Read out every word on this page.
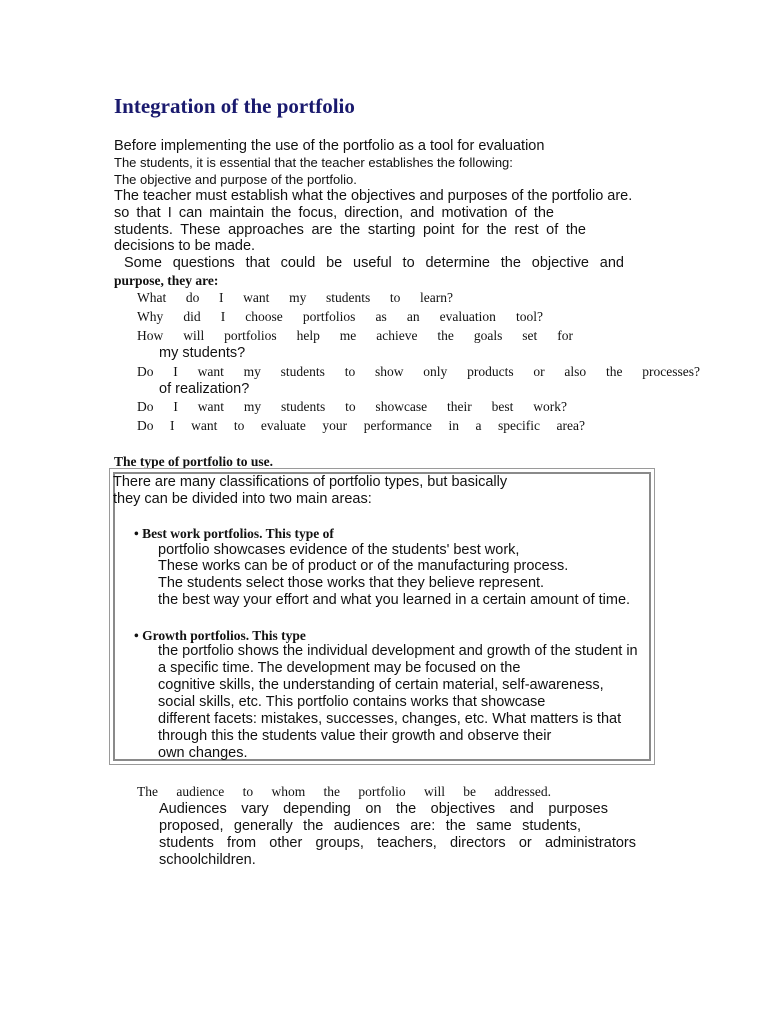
Integration of the portfolio
Before implementing the use of the portfolio as a tool for evaluation
The students, it is essential that the teacher establishes the following:
The objective and purpose of the portfolio.
The teacher must establish what the objectives and purposes of the portfolio are.
so that I can maintain the focus, direction, and motivation of the
students. These approaches are the starting point for the rest of the
decisions to be made.
Some questions that could be useful to determine the objective and
purpose, they are:
What do I want my students to learn?
Why did I choose portfolios as an evaluation tool?
How will portfolios help me achieve the goals set for
my students?
Do I want my students to show only products or also the processes?
of realization?
Do I want my students to showcase their best work?
Do I want to evaluate your performance in a specific area?
The type of portfolio to use.
There are many classifications of portfolio types, but basically
they can be divided into two main areas:
• Best work portfolios. This type of
portfolio showcases evidence of the students' best work,
These works can be of product or of the manufacturing process.
The students select those works that they believe represent.
the best way your effort and what you learned in a certain amount of time.
• Growth portfolios. This type
the portfolio shows the individual development and growth of the student in
a specific time. The development may be focused on the
cognitive skills, the understanding of certain material, self-awareness,
social skills, etc. This portfolio contains works that showcase
different facets: mistakes, successes, changes, etc. What matters is that
through this the students value their growth and observe their
own changes.
The audience to whom the portfolio will be addressed.
Audiences vary depending on the objectives and purposes
proposed, generally the audiences are: the same students,
students from other groups, teachers, directors or administrators
schoolchildren.
